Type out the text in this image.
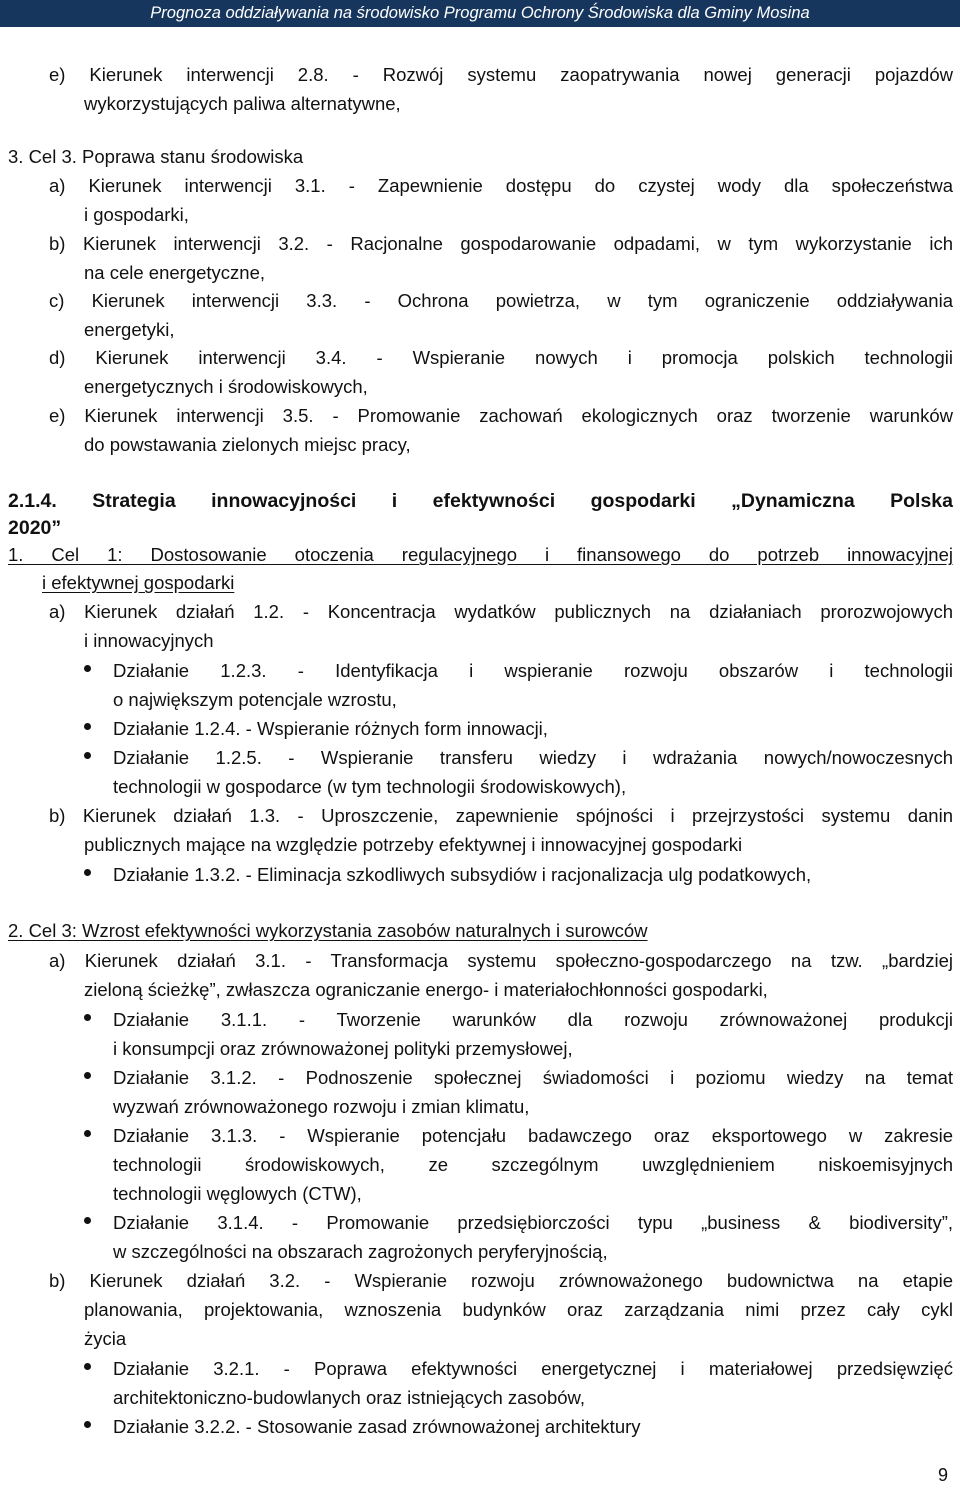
Prognoza oddziaływania na środowisko Programu Ochrony Środowiska dla Gminy Mosina
e) Kierunek interwencji 2.8. - Rozwój systemu zaopatrywania nowej generacji pojazdów
wykorzystujących paliwa alternatywne,
3. Cel 3. Poprawa stanu środowiska
a) Kierunek interwencji 3.1. - Zapewnienie dostępu do czystej wody dla społeczeństwa
i gospodarki,
b) Kierunek interwencji 3.2. - Racjonalne gospodarowanie odpadami, w tym wykorzystanie ich
na cele energetyczne,
c) Kierunek interwencji 3.3. - Ochrona powietrza, w tym ograniczenie oddziaływania
energetyki,
d) Kierunek interwencji 3.4. - Wspieranie nowych i promocja polskich technologii
energetycznych i środowiskowych,
e) Kierunek interwencji 3.5. - Promowanie zachowań ekologicznych oraz tworzenie warunków
do powstawania zielonych miejsc pracy,
2.1.4. Strategia innowacyjności i efektywności gospodarki „Dynamiczna Polska
2020”
1. Cel 1: Dostosowanie otoczenia regulacyjnego i finansowego do potrzeb innowacyjnej
i efektywnej gospodarki
a) Kierunek działań 1.2. - Koncentracja wydatków publicznych na działaniach prorozwojowych
i innowacyjnych
Działanie 1.2.3. - Identyfikacja i wspieranie rozwoju obszarów i technologii
o największym potencjale wzrostu,
Działanie 1.2.4. - Wspieranie różnych form innowacji,
Działanie 1.2.5. - Wspieranie transferu wiedzy i wdrażania nowych/nowoczesnych
technologii w gospodarce (w tym technologii środowiskowych),
b) Kierunek działań 1.3. - Uproszczenie, zapewnienie spójności i przejrzystości systemu danin
publicznych mające na względzie potrzeby efektywnej i innowacyjnej gospodarki
Działanie 1.3.2. - Eliminacja szkodliwych subsydiów i racjonalizacja ulg podatkowych,
2. Cel 3: Wzrost efektywności wykorzystania zasobów naturalnych i surowców
a) Kierunek działań 3.1. - Transformacja systemu społeczno-gospodarczego na tzw. „bardziej
zieloną ścieżkę”, zwłaszcza ograniczanie energo- i materiałochłonności gospodarki,
Działanie 3.1.1. - Tworzenie warunków dla rozwoju zrównoważonej produkcji
i konsumpcji oraz zrównoważonej polityki przemysłowej,
Działanie 3.1.2. - Podnoszenie społecznej świadomości i poziomu wiedzy na temat
wyzwań zrównoważonego rozwoju i zmian klimatu,
Działanie 3.1.3. - Wspieranie potencjału badawczego oraz eksportowego w zakresie
technologii środowiskowych, ze szczególnym uwzględnieniem niskoemisyjnych
technologii węglowych (CTW),
Działanie 3.1.4. - Promowanie przedsiębiorczości typu „business & biodiversity”,
w szczególności na obszarach zagrożonych peryferyjnością,
b) Kierunek działań 3.2. - Wspieranie rozwoju zrównoważonego budownictwa na etapie
planowania, projektowania, wznoszenia budynków oraz zarządzania nimi przez cały cykl
życia
Działanie 3.2.1. - Poprawa efektywności energetycznej i materiałowej przedsięwzięć
architektoniczno-budowlanych oraz istniejących zasobów,
Działanie 3.2.2. - Stosowanie zasad zrównoważonej architektury
9
